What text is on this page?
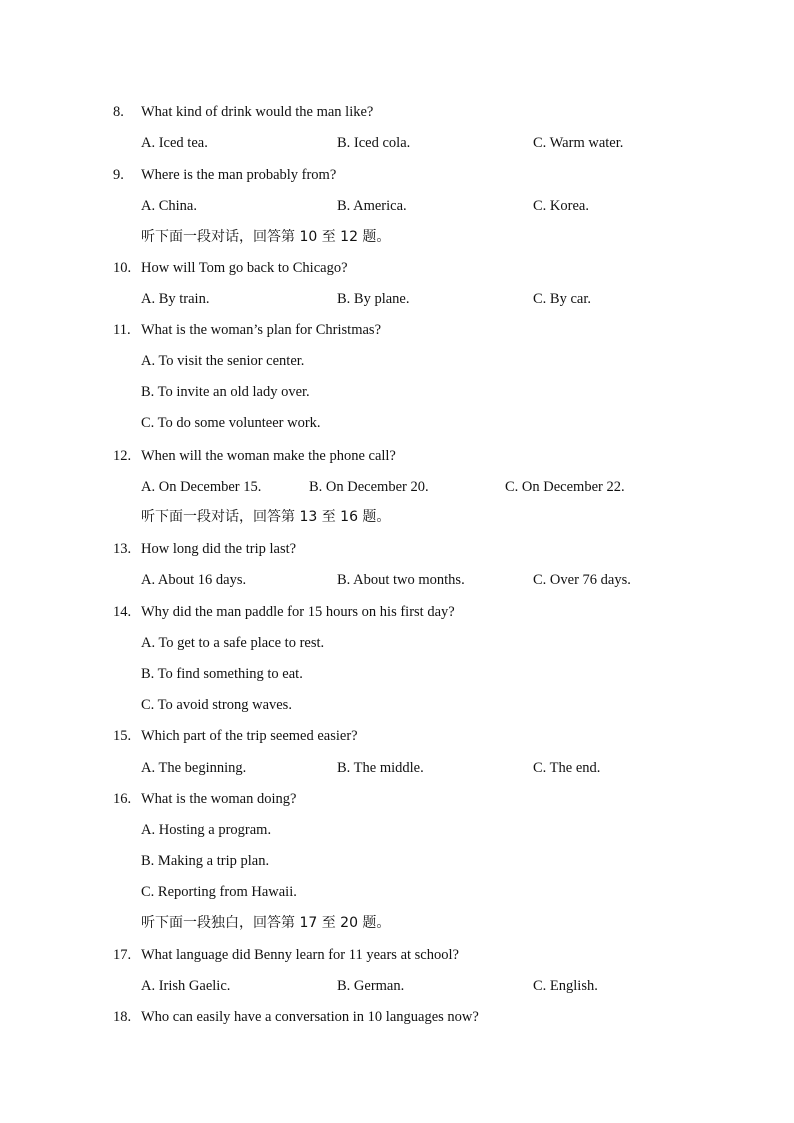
8. What kind of drink would the man like?
A. Iced tea.	B. Iced cola.	C. Warm water.
9. Where is the man probably from?
A. China.	B. America.	C. Korea.
听下面一段对话，回答第 10 至 12 题。
10. How will Tom go back to Chicago?
A. By train.	B. By plane.	C. By car.
11. What is the woman’s plan for Christmas?
A. To visit the senior center.
B. To invite an old lady over.
C. To do some volunteer work.
12. When will the woman make the phone call?
A. On December 15.	B. On December 20.	C. On December 22.
听下面一段对话，回答第 13 至 16 题。
13. How long did the trip last?
A. About 16 days.	B. About two months.	C. Over 76 days.
14. Why did the man paddle for 15 hours on his first day?
A. To get to a safe place to rest.
B. To find something to eat.
C. To avoid strong waves.
15. Which part of the trip seemed easier?
A. The beginning.	B. The middle.	C. The end.
16. What is the woman doing?
A. Hosting a program.
B. Making a trip plan.
C. Reporting from Hawaii.
听下面一段独白，回答第 17 至 20 题。
17. What language did Benny learn for 11 years at school?
A. Irish Gaelic.	B. German.	C. English.
18. Who can easily have a conversation in 10 languages now?
